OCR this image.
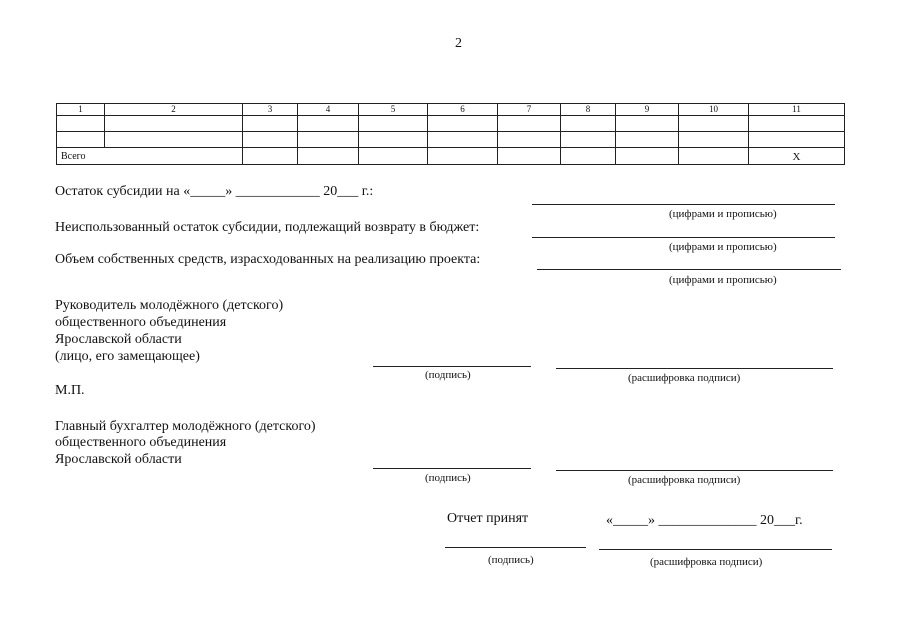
2
1	2	3	4	5	6	7	8	9	10	11

Всего										Х
Остаток субсидии на «_____» ____________ 20___ г.:
(цифрами и прописью)
Неиспользованный остаток субсидии, подлежащий возврату в бюджет:
(цифрами и прописью)
Объем собственных средств, израсходованных на реализацию проекта:
(цифрами и прописью)
Руководитель молодёжного (детского)
общественного объединения
Ярославской области
(лицо, его замещающее)
(подпись)	(расшифровка подписи)
М.П.
Главный бухгалтер молодёжного (детского)
общественного объединения
Ярославской области
(подпись)	(расшифровка подписи)
Отчет принят	«_____» ______________ 20___г.
(подпись)	(расшифровка подписи)
